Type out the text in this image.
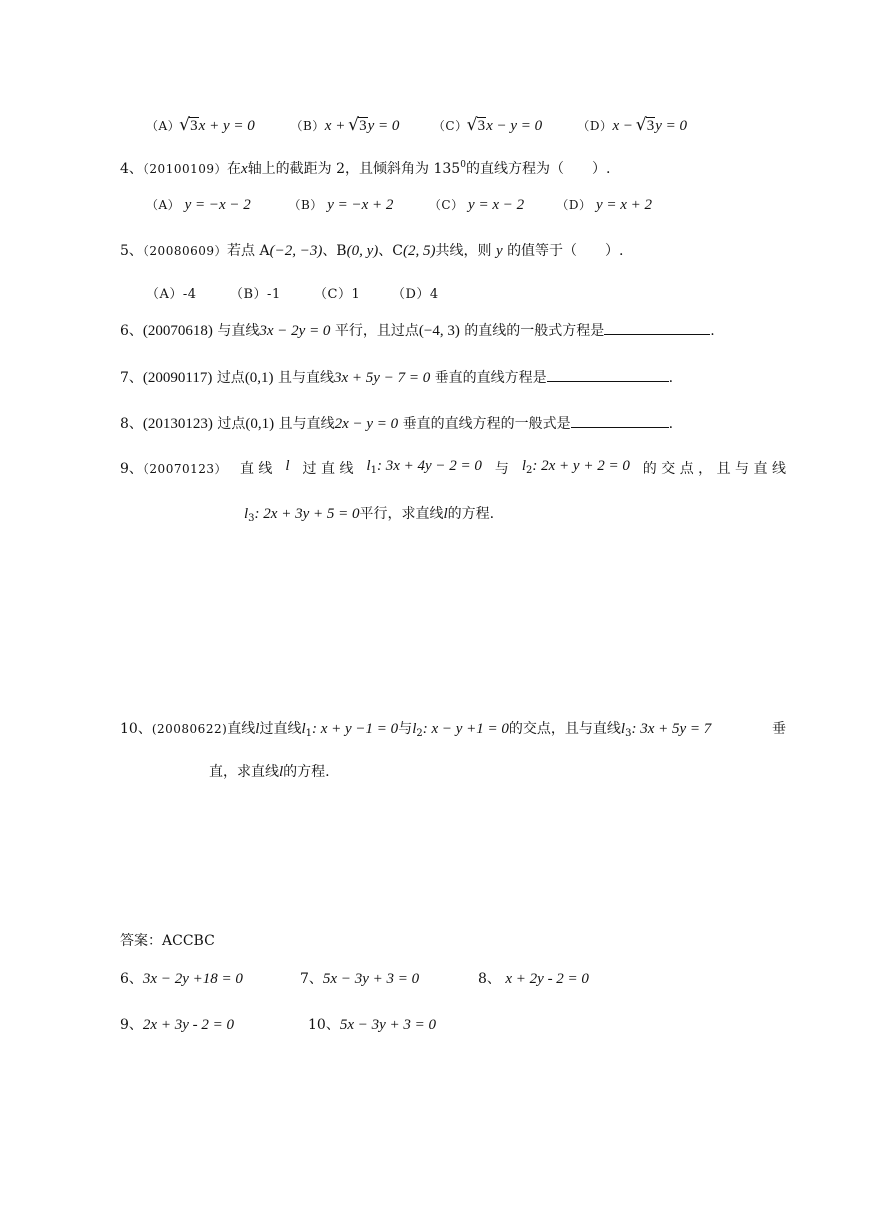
（A） √ 3x + y = 0	（B）x + √ 3y = 0	（C） √ 3x − y = 0	（D）x − √ 3y = 0
4、（20100109）在x轴上的截距为 2，且倾斜角为 $135^0$的直线方程为（　　）.
（A） y = −x − 2	（B） y = −x + 2	（C） y = x − 2	（D） y = x + 2
5、（20080609）若点 A(−2, −3)、B(0, y)、C(2, 5)共线，则 y 的值等于（　　）.
（A）-4	（B）-1	（C）1 （D）4
6、(20070618) 与直线3x − 2y = 0 平行，且过点(−4, 3) 的直线的一般式方程是	.
7、(20090117) 过点(0,1) 且与直线3x + 5y − 7 = 0 垂直的直线方程是	.
8、(20130123) 过点(0,1) 且与直线2x − y = 0 垂直的直线方程的一般式是	.
9、（20070123） 直 线 l 过 直 线 $l_1$: 3x + 4y − 2 = 0 与 $l_2$: 2x + y + 2 = 0 的 交 点 ， 且 与 直 线
$l_3$: 2x + 3y + 5 = 0平行，求直线l的方程.
10、(20080622)直线l过直线$l_1$: x + y −1 = 0与$l_2$: x − y +1 = 0的交点，且与直线$l_3$: 3x + 5y = 7	垂
直，求直线l的方程.
答案：ACCBC
6、3x − 2y +18 = 0	7、5x − 3y + 3 = 0	8、 x + 2y - 2 = 0
9、2x + 3y - 2 = 0	10、5x − 3y + 3 = 0
